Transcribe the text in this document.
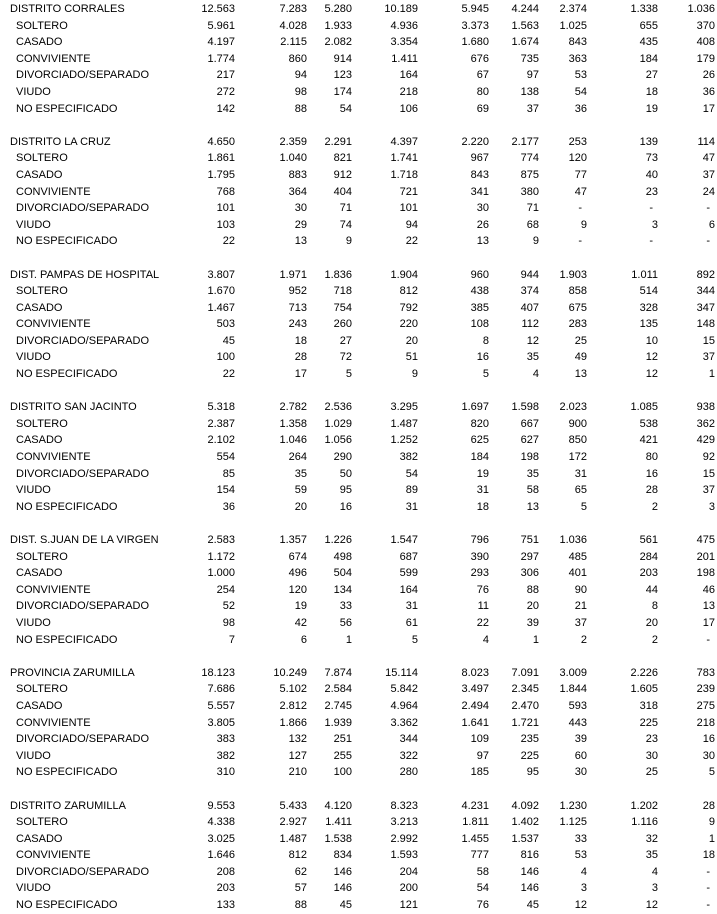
DISTRITO CORRALES	12.563	7.283	5.280	10.189	5.945	4.244	2.374	1.338	1.036
SOLTERO	5.961	4.028	1.933	4.936	3.373	1.563	1.025	655	370
CASADO	4.197	2.115	2.082	3.354	1.680	1.674	843	435	408
CONVIVIENTE	1.774	860	914	1.411	676	735	363	184	179
DIVORCIADO/SEPARADO	217	94	123	164	67	97	53	27	26
VIUDO	272	98	174	218	80	138	54	18	36
NO ESPECIFICADO	142	88	54	106	69	37	36	19	17

DISTRITO LA CRUZ	4.650	2.359	2.291	4.397	2.220	2.177	253	139	114
SOLTERO	1.861	1.040	821	1.741	967	774	120	73	47
CASADO	1.795	883	912	1.718	843	875	77	40	37
CONVIVIENTE	768	364	404	721	341	380	47	23	24
DIVORCIADO/SEPARADO	101	30	71	101	30	71	-	-	-
VIUDO	103	29	74	94	26	68	9	3	6
NO ESPECIFICADO	22	13	9	22	13	9	-	-	-

DIST. PAMPAS DE HOSPITAL	3.807	1.971	1.836	1.904	960	944	1.903	1.011	892
SOLTERO	1.670	952	718	812	438	374	858	514	344
CASADO	1.467	713	754	792	385	407	675	328	347
CONVIVIENTE	503	243	260	220	108	112	283	135	148
DIVORCIADO/SEPARADO	45	18	27	20	8	12	25	10	15
VIUDO	100	28	72	51	16	35	49	12	37
NO ESPECIFICADO	22	17	5	9	5	4	13	12	1

DISTRITO SAN JACINTO	5.318	2.782	2.536	3.295	1.697	1.598	2.023	1.085	938
SOLTERO	2.387	1.358	1.029	1.487	820	667	900	538	362
CASADO	2.102	1.046	1.056	1.252	625	627	850	421	429
CONVIVIENTE	554	264	290	382	184	198	172	80	92
DIVORCIADO/SEPARADO	85	35	50	54	19	35	31	16	15
VIUDO	154	59	95	89	31	58	65	28	37
NO ESPECIFICADO	36	20	16	31	18	13	5	2	3

DIST. S.JUAN DE LA VIRGEN	2.583	1.357	1.226	1.547	796	751	1.036	561	475
SOLTERO	1.172	674	498	687	390	297	485	284	201
CASADO	1.000	496	504	599	293	306	401	203	198
CONVIVIENTE	254	120	134	164	76	88	90	44	46
DIVORCIADO/SEPARADO	52	19	33	31	11	20	21	8	13
VIUDO	98	42	56	61	22	39	37	20	17
NO ESPECIFICADO	7	6	1	5	4	1	2	2	-

PROVINCIA ZARUMILLA	18.123	10.249	7.874	15.114	8.023	7.091	3.009	2.226	783
SOLTERO	7.686	5.102	2.584	5.842	3.497	2.345	1.844	1.605	239
CASADO	5.557	2.812	2.745	4.964	2.494	2.470	593	318	275
CONVIVIENTE	3.805	1.866	1.939	3.362	1.641	1.721	443	225	218
DIVORCIADO/SEPARADO	383	132	251	344	109	235	39	23	16
VIUDO	382	127	255	322	97	225	60	30	30
NO ESPECIFICADO	310	210	100	280	185	95	30	25	5

DISTRITO ZARUMILLA	9.553	5.433	4.120	8.323	4.231	4.092	1.230	1.202	28
SOLTERO	4.338	2.927	1.411	3.213	1.811	1.402	1.125	1.116	9
CASADO	3.025	1.487	1.538	2.992	1.455	1.537	33	32	1
CONVIVIENTE	1.646	812	834	1.593	777	816	53	35	18
DIVORCIADO/SEPARADO	208	62	146	204	58	146	4	4	-
VIUDO	203	57	146	200	54	146	3	3	-
NO ESPECIFICADO	133	88	45	121	76	45	12	12	-
